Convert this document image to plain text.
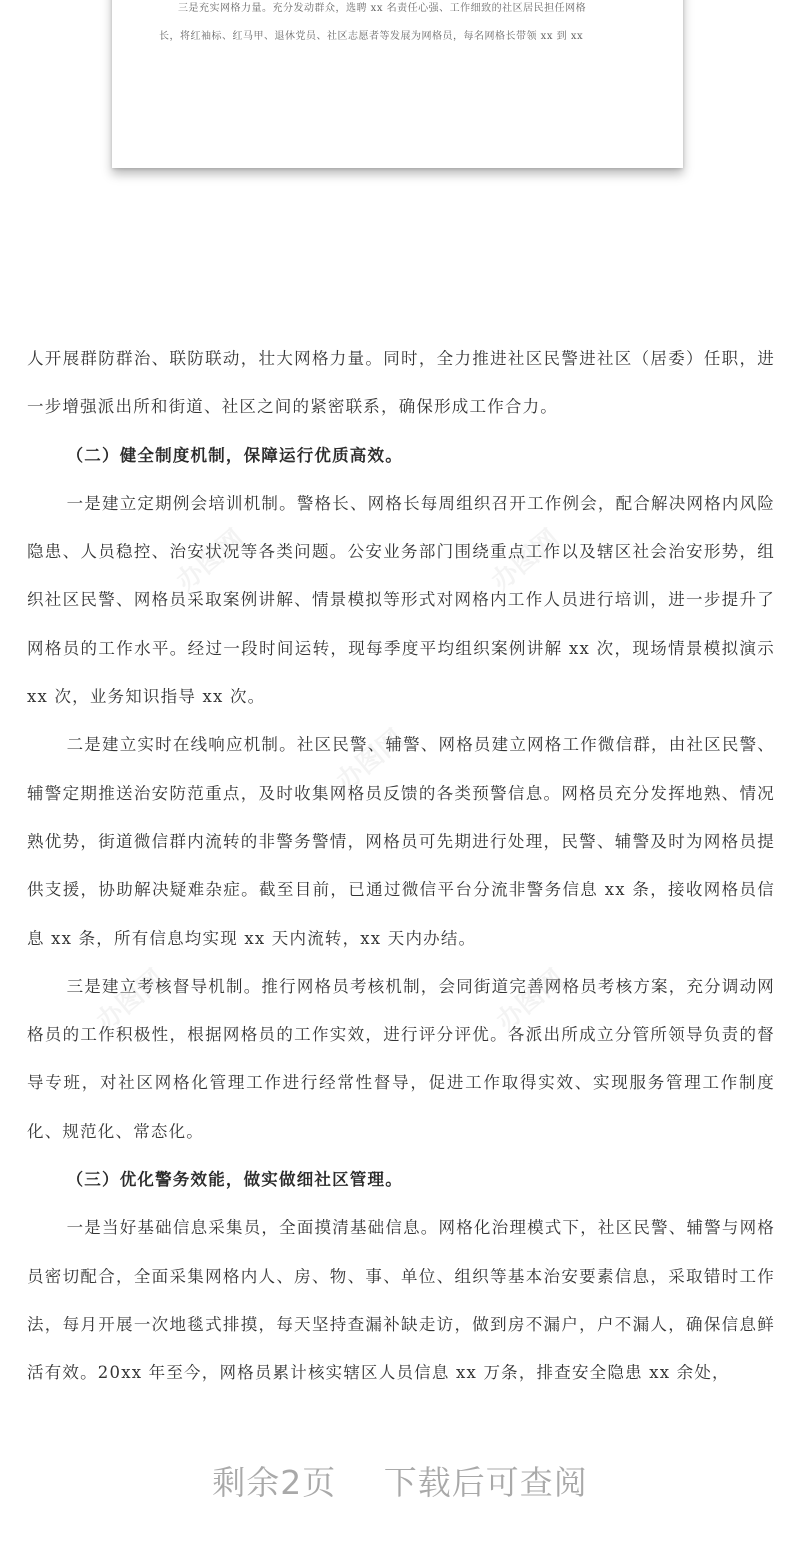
三是充实网格力量。充分发动群众，选聘 xx 名责任心强、工作细致的社区居民担任网格
长，将红袖标、红马甲、退休党员、社区志愿者等发展为网格员，每名网格长带领 xx 到 xx
办图网	办图网
办图网
办图网	办图网

人开展群防群治、联防联动，壮大网格力量。同时，全力推进社区民警进社区（居委）任职，进一步增强派出所和街道、社区之间的紧密联系，确保形成工作合力。

（二）健全制度机制，保障运行优质高效。

一是建立定期例会培训机制。警格长、网格长每周组织召开工作例会，配合解决网格内风险隐患、人员稳控、治安状况等各类问题。公安业务部门围绕重点工作以及辖区社会治安形势，组织社区民警、网格员采取案例讲解、情景模拟等形式对网格内工作人员进行培训，进一步提升了网格员的工作水平。经过一段时间运转，现每季度平均组织案例讲解 xx 次，现场情景模拟演示 xx 次，业务知识指导 xx 次。

二是建立实时在线响应机制。社区民警、辅警、网格员建立网格工作微信群，由社区民警、辅警定期推送治安防范重点，及时收集网格员反馈的各类预警信息。网格员充分发挥地熟、情况熟优势，街道微信群内流转的非警务警情，网格员可先期进行处理，民警、辅警及时为网格员提供支援，协助解决疑难杂症。截至目前，已通过微信平台分流非警务信息 xx 条，接收网格员信息 xx 条，所有信息均实现 xx 天内流转，xx 天内办结。

三是建立考核督导机制。推行网格员考核机制，会同街道完善网格员考核方案，充分调动网格员的工作积极性，根据网格员的工作实效，进行评分评优。各派出所成立分管所领导负责的督导专班，对社区网格化管理工作进行经常性督导，促进工作取得实效、实现服务管理工作制度化、规范化、常态化。

（三）优化警务效能，做实做细社区管理。

一是当好基础信息采集员，全面摸清基础信息。网格化治理模式下，社区民警、辅警与网格员密切配合，全面采集网格内人、房、物、事、单位、组织等基本治安要素信息，采取错时工作法，每月开展一次地毯式排摸，每天坚持查漏补缺走访，做到房不漏户，户不漏人，确保信息鲜活有效。20xx 年至今，网格员累计核实辖区人员信息 xx 万条，排查安全隐患 xx 余处，

剩余2页 下载后可查阅
